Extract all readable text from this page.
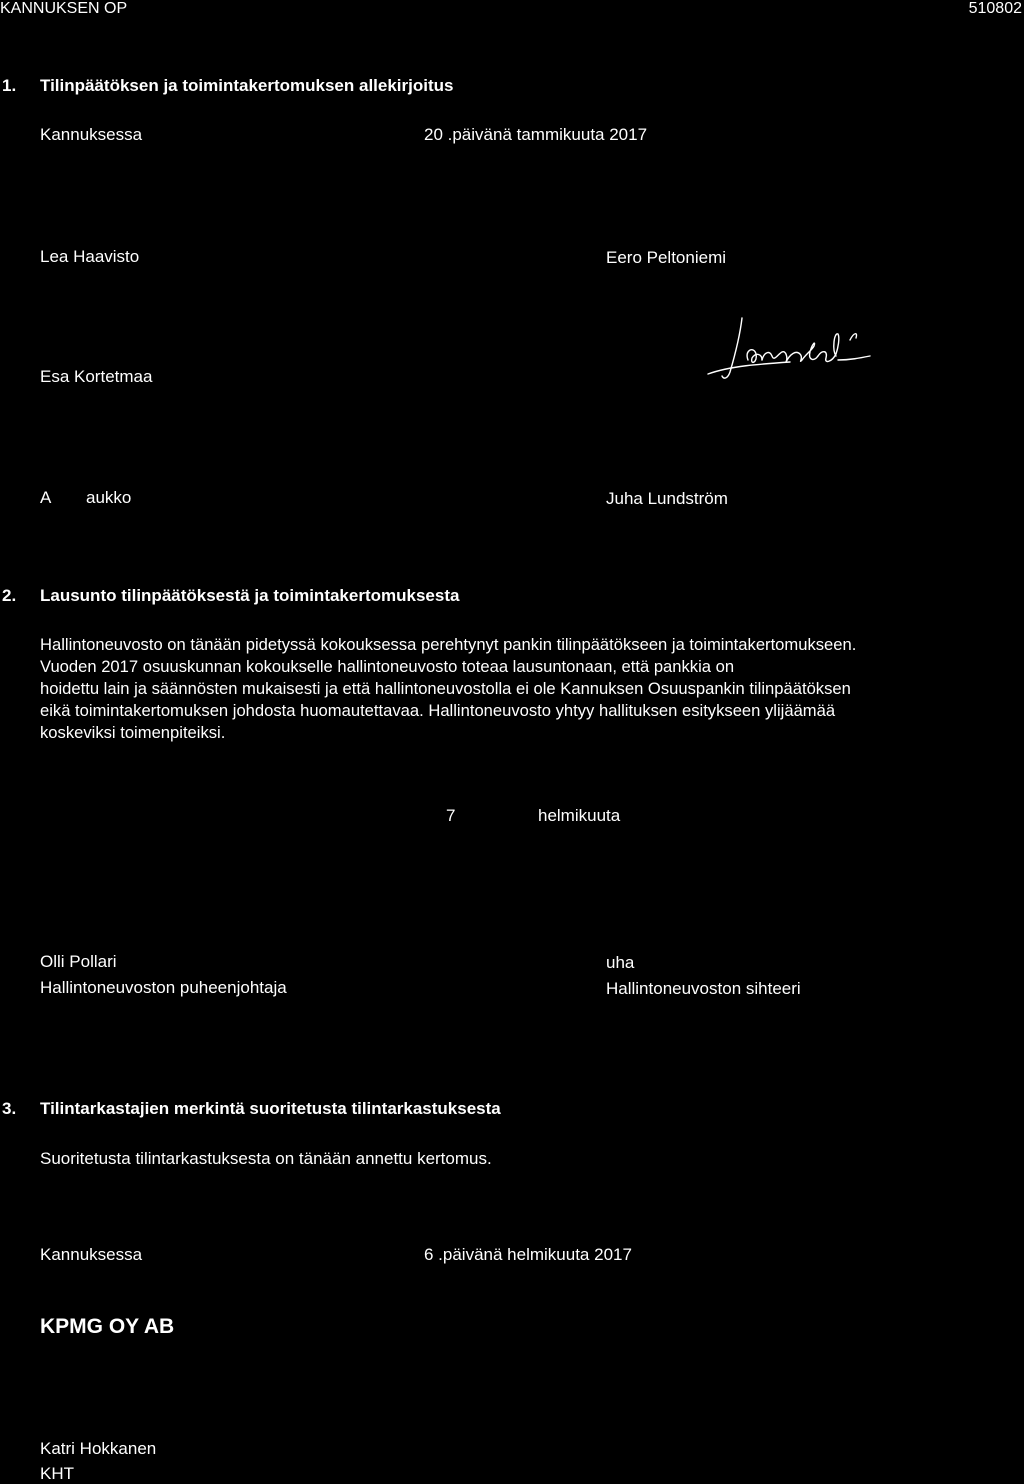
KANNUKSEN OP	510802
1. Tilinpäätöksen ja toimintakertomuksen allekirjoitus
Kannuksessa	20 .päivänä tammikuuta 2017
Lea Haavisto	Eero Peltoniemi
Esa Kortetmaa
A aukko	Juha Lundström
2. Lausunto tilinpäätöksestä ja toimintakertomuksesta
Hallintoneuvosto on tänään pidetyssä kokouksessa perehtynyt pankin tilinpäätökseen ja toimintakertomukseen.
Vuoden 2017 osuuskunnan kokoukselle hallintoneuvosto toteaa lausuntonaan, että pankkia on
hoidettu lain ja säännösten mukaisesti ja että hallintoneuvostolla ei ole Kannuksen Osuuspankin tilinpäätöksen
eikä toimintakertomuksen johdosta huomautettavaa. Hallintoneuvosto yhtyy hallituksen esitykseen ylijäämää
koskeviksi toimenpiteiksi.
7	helmikuuta
Olli Pollari
Hallintoneuvoston puheenjohtaja
uha
Hallintoneuvoston sihteeri
3. Tilintarkastajien merkintä suoritetusta tilintarkastuksesta
Suoritetusta tilintarkastuksesta on tänään annettu kertomus.
Kannuksessa	6 .päivänä helmikuuta 2017
KPMG OY AB
Katri Hokkanen
KHT
